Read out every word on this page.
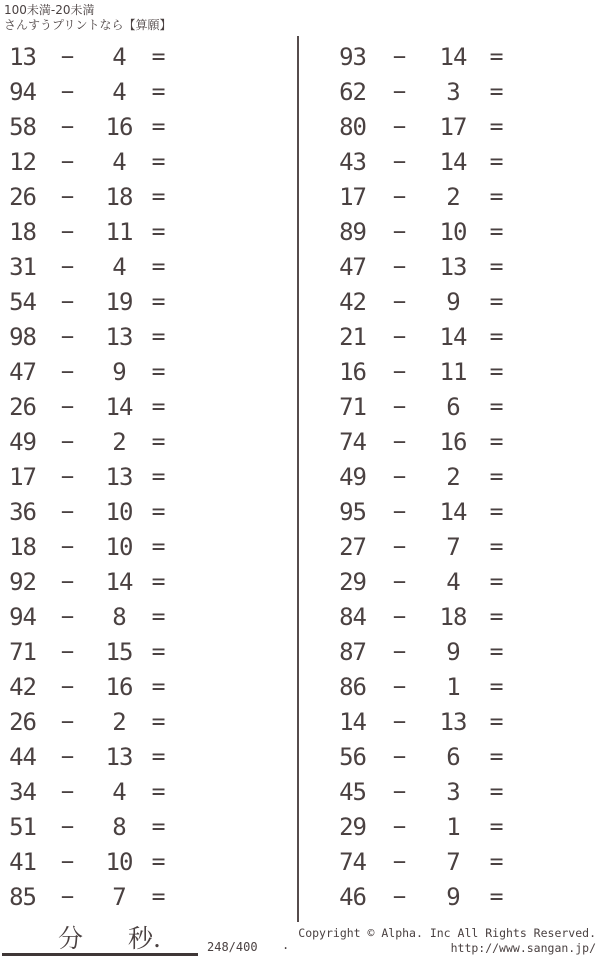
100未満-20未満
さんすうプリントなら【算願】
13	−	4	=
94	−	4	=
58	−	16 =
12	−	4	=
26	−	18 =
18	−	11 =
31	−	4	=
54	−	19 =
98	−	13 =
47	−	9	=
26	−	14 =
49	−	2	=
17	−	13 =
36	−	10 =
18	−	10 =
92	−	14 =
94	−	8	=
71	−	15 =
42	−	16 =
26	−	2	=
44	−	13 =
34	−	4	=
51	−	8	=
41	−	10 =
85	−	7	=
93	−	14	=
62	−	3	=
80	−	17	=
43	−	14	=
17	−	2	=
89	−	10	=
47	−	13	=
42	−	9	=
21	−	14	=
16	−	11	=
71	−	6	=
74	−	16	=
49	−	2	=
95	−	14	=
27	−	7	=
29	−	4	=
84	−	18	=
87	−	9	=
86	−	1	=
14	−	13	=
56	−	6	=
45	−	3	=
29	−	1	=
74	−	7	=
46	−	9	=
分 秒.	248/400 .
Copyright © Alpha. Inc All Rights Reserved.
http://www.sangan.jp/
